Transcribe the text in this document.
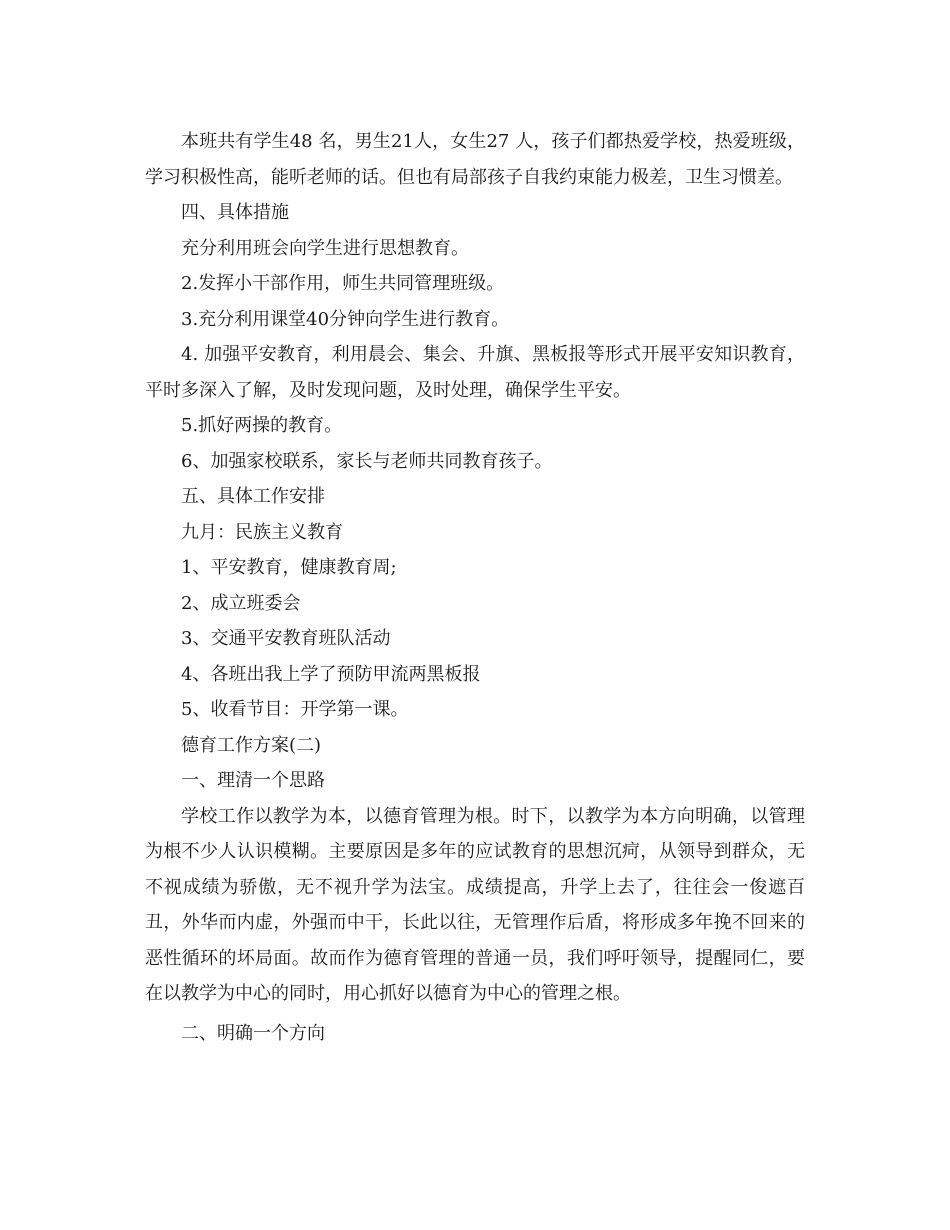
本班共有学生48 名，男生21人，女生27 人，孩子们都热爱学校，热爱班级，学习积极性高，能听老师的话。但也有局部孩子自我约束能力极差，卫生习惯差。

四、具体措施

充分利用班会向学生进行思想教育。

2.发挥小干部作用，师生共同管理班级。

3.充分利用课堂40分钟向学生进行教育。

4. 加强平安教育，利用晨会、集会、升旗、黑板报等形式开展平安知识教育，平时多深入了解，及时发现问题，及时处理，确保学生平安。

5.抓好两操的教育。

6、加强家校联系，家长与老师共同教育孩子。

五、具体工作安排

九月：民族主义教育

1、平安教育，健康教育周;

2、成立班委会

3、交通平安教育班队活动

4、各班出我上学了预防甲流两黑板报

5、收看节目：开学第一课。

德育工作方案(二)

一、理清一个思路

学校工作以教学为本，以德育管理为根。时下，以教学为本方向明确，以管理为根不少人认识模糊。主要原因是多年的应试教育的思想沉疴，从领导到群众，无不视成绩为骄傲，无不视升学为法宝。成绩提高，升学上去了，往往会一俊遮百丑，外华而内虚，外强而中干，长此以往，无管理作后盾，将形成多年挽不回来的恶性循环的坏局面。故而作为德育管理的普通一员，我们呼吁领导，提醒同仁，要在以教学为中心的同时，用心抓好以德育为中心的管理之根。

二、明确一个方向
